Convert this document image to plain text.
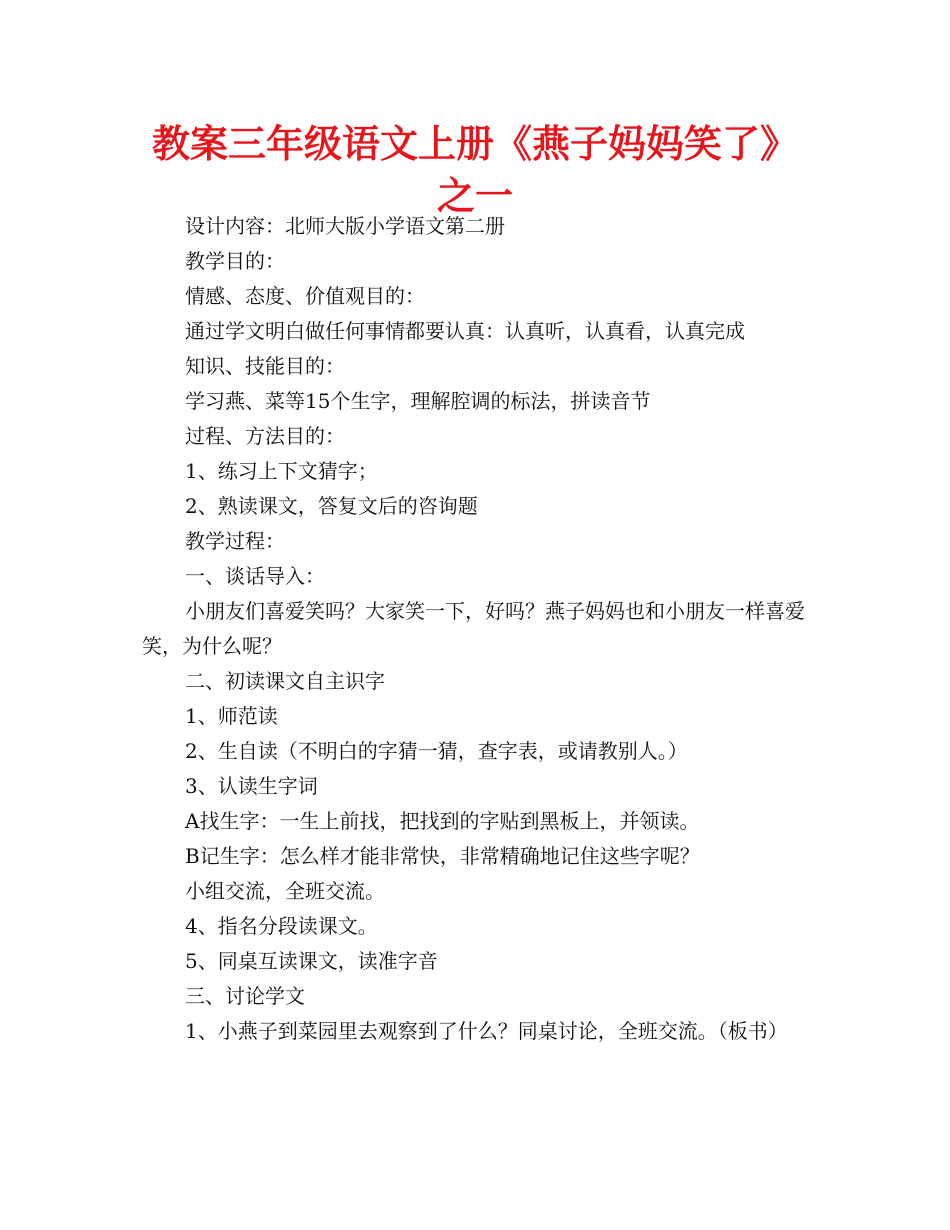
教案三年级语文上册《燕子妈妈笑了》之一

设计内容：北师大版小学语文第二册

教学目的：

情感、态度、价值观目的：

通过学文明白做任何事情都要认真：认真听，认真看，认真完成

知识、技能目的：

学习燕、菜等15个生字，理解腔调的标法，拼读音节

过程、方法目的：

1、练习上下文猜字；

2、熟读课文，答复文后的咨询题

教学过程：

一、谈话导入：

小朋友们喜爱笑吗？大家笑一下，好吗？燕子妈妈也和小朋友一样喜爱笑，为什么呢？

二、初读课文自主识字

1、师范读

2、生自读（不明白的字猜一猜，查字表，或请教别人。）

3、认读生字词

A找生字：一生上前找，把找到的字贴到黑板上，并领读。

B记生字：怎么样才能非常快，非常精确地记住这些字呢？

小组交流，全班交流。

4、指名分段读课文。

5、同桌互读课文，读准字音

三、讨论学文

1、小燕子到菜园里去观察到了什么？同桌讨论，全班交流。（板书）
